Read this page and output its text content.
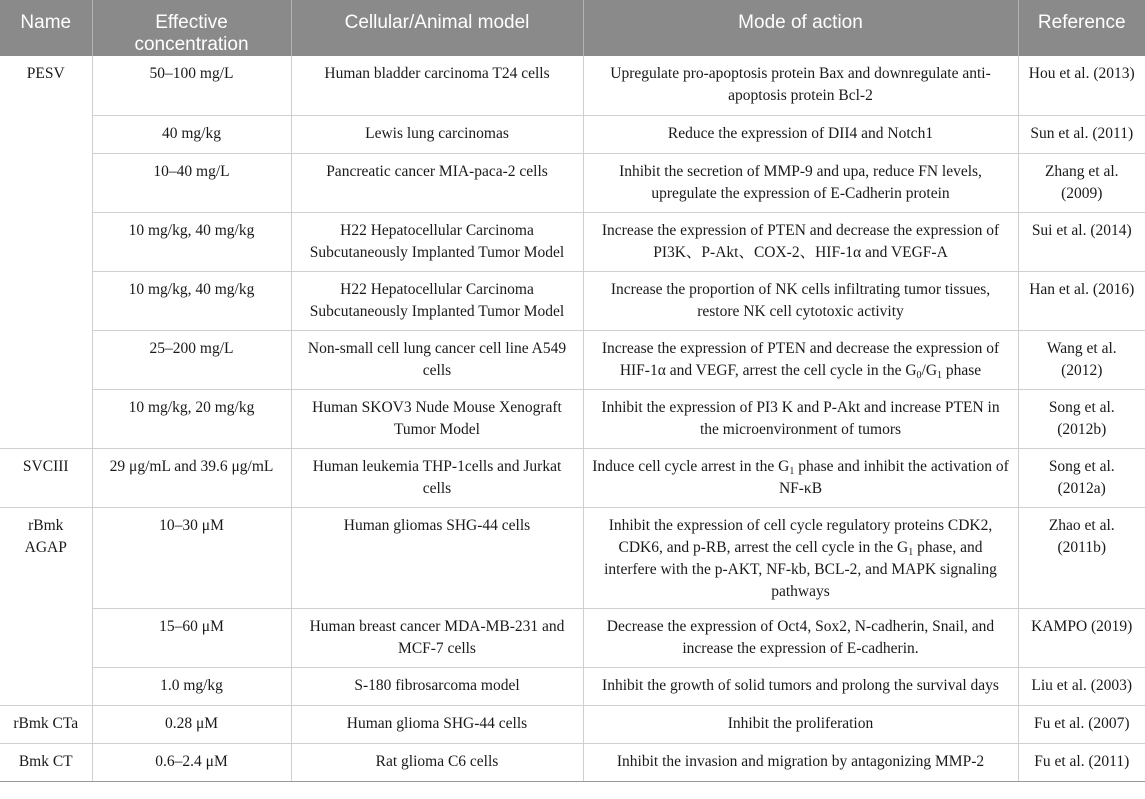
Name	Effective concentration	Cellular/Animal model	Mode of action	Reference
PESV	50–100 mg/L	Human bladder carcinoma T24 cells	Upregulate pro-apoptosis protein Bax and downregulate anti-apoptosis protein Bcl-2	Hou et al. (2013)
	40 mg/kg	Lewis lung carcinomas	Reduce the expression of DII4 and Notch1	Sun et al. (2011)
	10–40 mg/L	Pancreatic cancer MIA-paca-2 cells	Inhibit the secretion of MMP-9 and upa, reduce FN levels, upregulate the expression of E-Cadherin protein	Zhang et al. (2009)
	10 mg/kg, 40 mg/kg	H22 Hepatocellular Carcinoma Subcutaneously Implanted Tumor Model	Increase the expression of PTEN and decrease the expression of PI3K、P-Akt、COX-2、HIF-1α and VEGF-A	Sui et al. (2014)
	10 mg/kg, 40 mg/kg	H22 Hepatocellular Carcinoma Subcutaneously Implanted Tumor Model	Increase the proportion of NK cells infiltrating tumor tissues, restore NK cell cytotoxic activity	Han et al. (2016)
	25–200 mg/L	Non-small cell lung cancer cell line A549 cells	Increase the expression of PTEN and decrease the expression of HIF-1α and VEGF, arrest the cell cycle in the $G_0/G_1$ phase	Wang et al. (2012)
	10 mg/kg, 20 mg/kg	Human SKOV3 Nude Mouse Xenograft Tumor Model	Inhibit the expression of PI3 K and P-Akt and increase PTEN in the microenvironment of tumors	Song et al. (2012b)
SVCIII	29 μg/mL and 39.6 μg/mL	Human leukemia THP-1cells and Jurkat cells	Induce cell cycle arrest in the $G_1$ phase and inhibit the activation of NF-κB	Song et al. (2012a)
rBmk AGAP	10–30 μM	Human gliomas SHG-44 cells	Inhibit the expression of cell cycle regulatory proteins CDK2, CDK6, and p-RB, arrest the cell cycle in the $G_1$ phase, and interfere with the p-AKT, NF-kb, BCL-2, and MAPK signaling pathways	Zhao et al. (2011b)
	15–60 μM	Human breast cancer MDA-MB-231 and MCF-7 cells	Decrease the expression of Oct4, Sox2, N-cadherin, Snail, and increase the expression of E-cadherin.	KAMPO (2019)
	1.0 mg/kg	S-180 fibrosarcoma model	Inhibit the growth of solid tumors and prolong the survival days	Liu et al. (2003)
rBmk CTa	0.28 μM	Human glioma SHG-44 cells	Inhibit the proliferation	Fu et al. (2007)
Bmk CT	0.6–2.4 μM	Rat glioma C6 cells	Inhibit the invasion and migration by antagonizing MMP-2	Fu et al. (2011)
